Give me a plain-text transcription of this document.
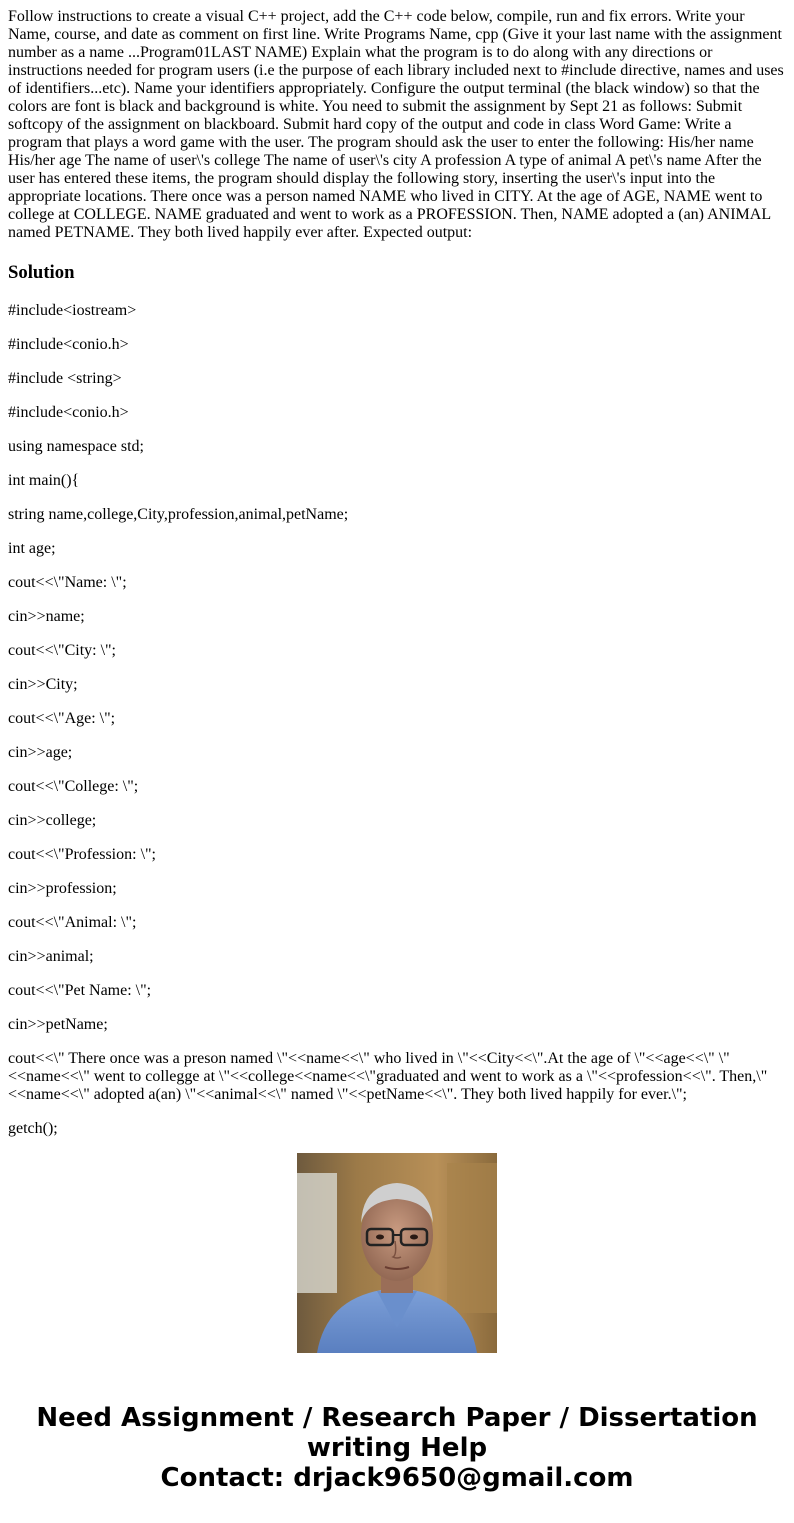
Follow instructions to create a visual C++ project, add the C++ code below, compile, run and fix errors. Write your Name, course, and date as comment on first line. Write Programs Name, cpp (Give it your last name with the assignment number as a name ...Program01LAST NAME) Explain what the program is to do along with any directions or instructions needed for program users (i.e the purpose of each library included next to #include directive, names and uses of identifiers...etc). Name your identifiers appropriately. Configure the output terminal (the black window) so that the colors are font is black and background is white. You need to submit the assignment by Sept 21 as follows: Submit softcopy of the assignment on blackboard. Submit hard copy of the output and code in class Word Game: Write a program that plays a word game with the user. The program should ask the user to enter the following: His/her name His/her age The name of user\'s college The name of user\'s city A profession A type of animal A pet\'s name After the user has entered these items, the program should display the following story, inserting the user\'s input into the appropriate locations. There once was a person named NAME who lived in CITY. At the age of AGE, NAME went to college at COLLEGE. NAME graduated and went to work as a PROFESSION. Then, NAME adopted a (an) ANIMAL named PETNAME. They both lived happily ever after. Expected output:

Solution

#include<iostream>

#include<conio.h>

#include <string>

#include<conio.h>

using namespace std;

int main(){

string name,college,City,profession,animal,petName;

int age;

cout<<\"Name: \";

cin>>name;

cout<<\"City: \";

cin>>City;

cout<<\"Age: \";

cin>>age;

cout<<\"College: \";

cin>>college;

cout<<\"Profession: \";

cin>>profession;

cout<<\"Animal: \";

cin>>animal;

cout<<\"Pet Name: \";

cin>>petName;

cout<<\" There once was a preson named \"<<name<<\" who lived in \"<<City<<\".At the age of \"<<age<<\" \"<<name<<\" went to collegge at \"<<college<<name<<\"graduated and went to work as a \"<<profession<<\". Then,\"<<name<<\" adopted a(an) \"<<animal<<\" named \"<<petName<<\". They both lived happily for ever.\";

getch();

Need Assignment / Research Paper / Dissertation
writing Help
Contact: drjack9650@gmail.com
